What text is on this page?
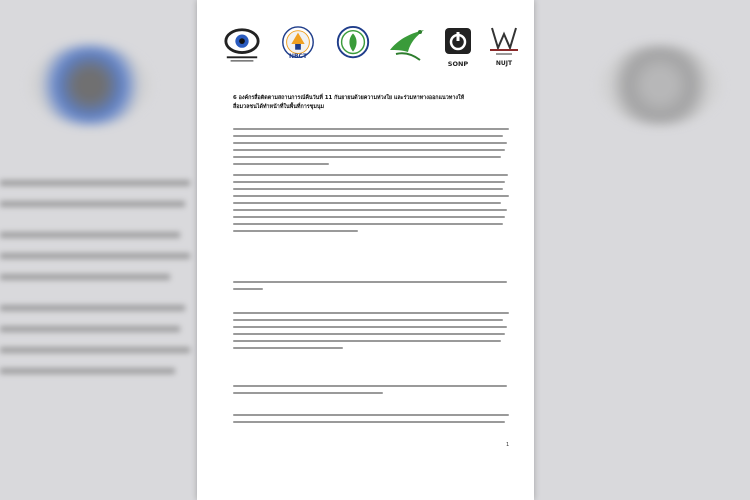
NBCT
SONP	NUJT
6 องค์กรสื่อติดตามสถานการณ์คืนวันที่ 11 กันยายนด้วยความห่วงใย และร่วมหาทางออกแนวทางให้
สื่อมวลชนได้ทำหน้าที่ในพื้นที่การชุมนุม
1
